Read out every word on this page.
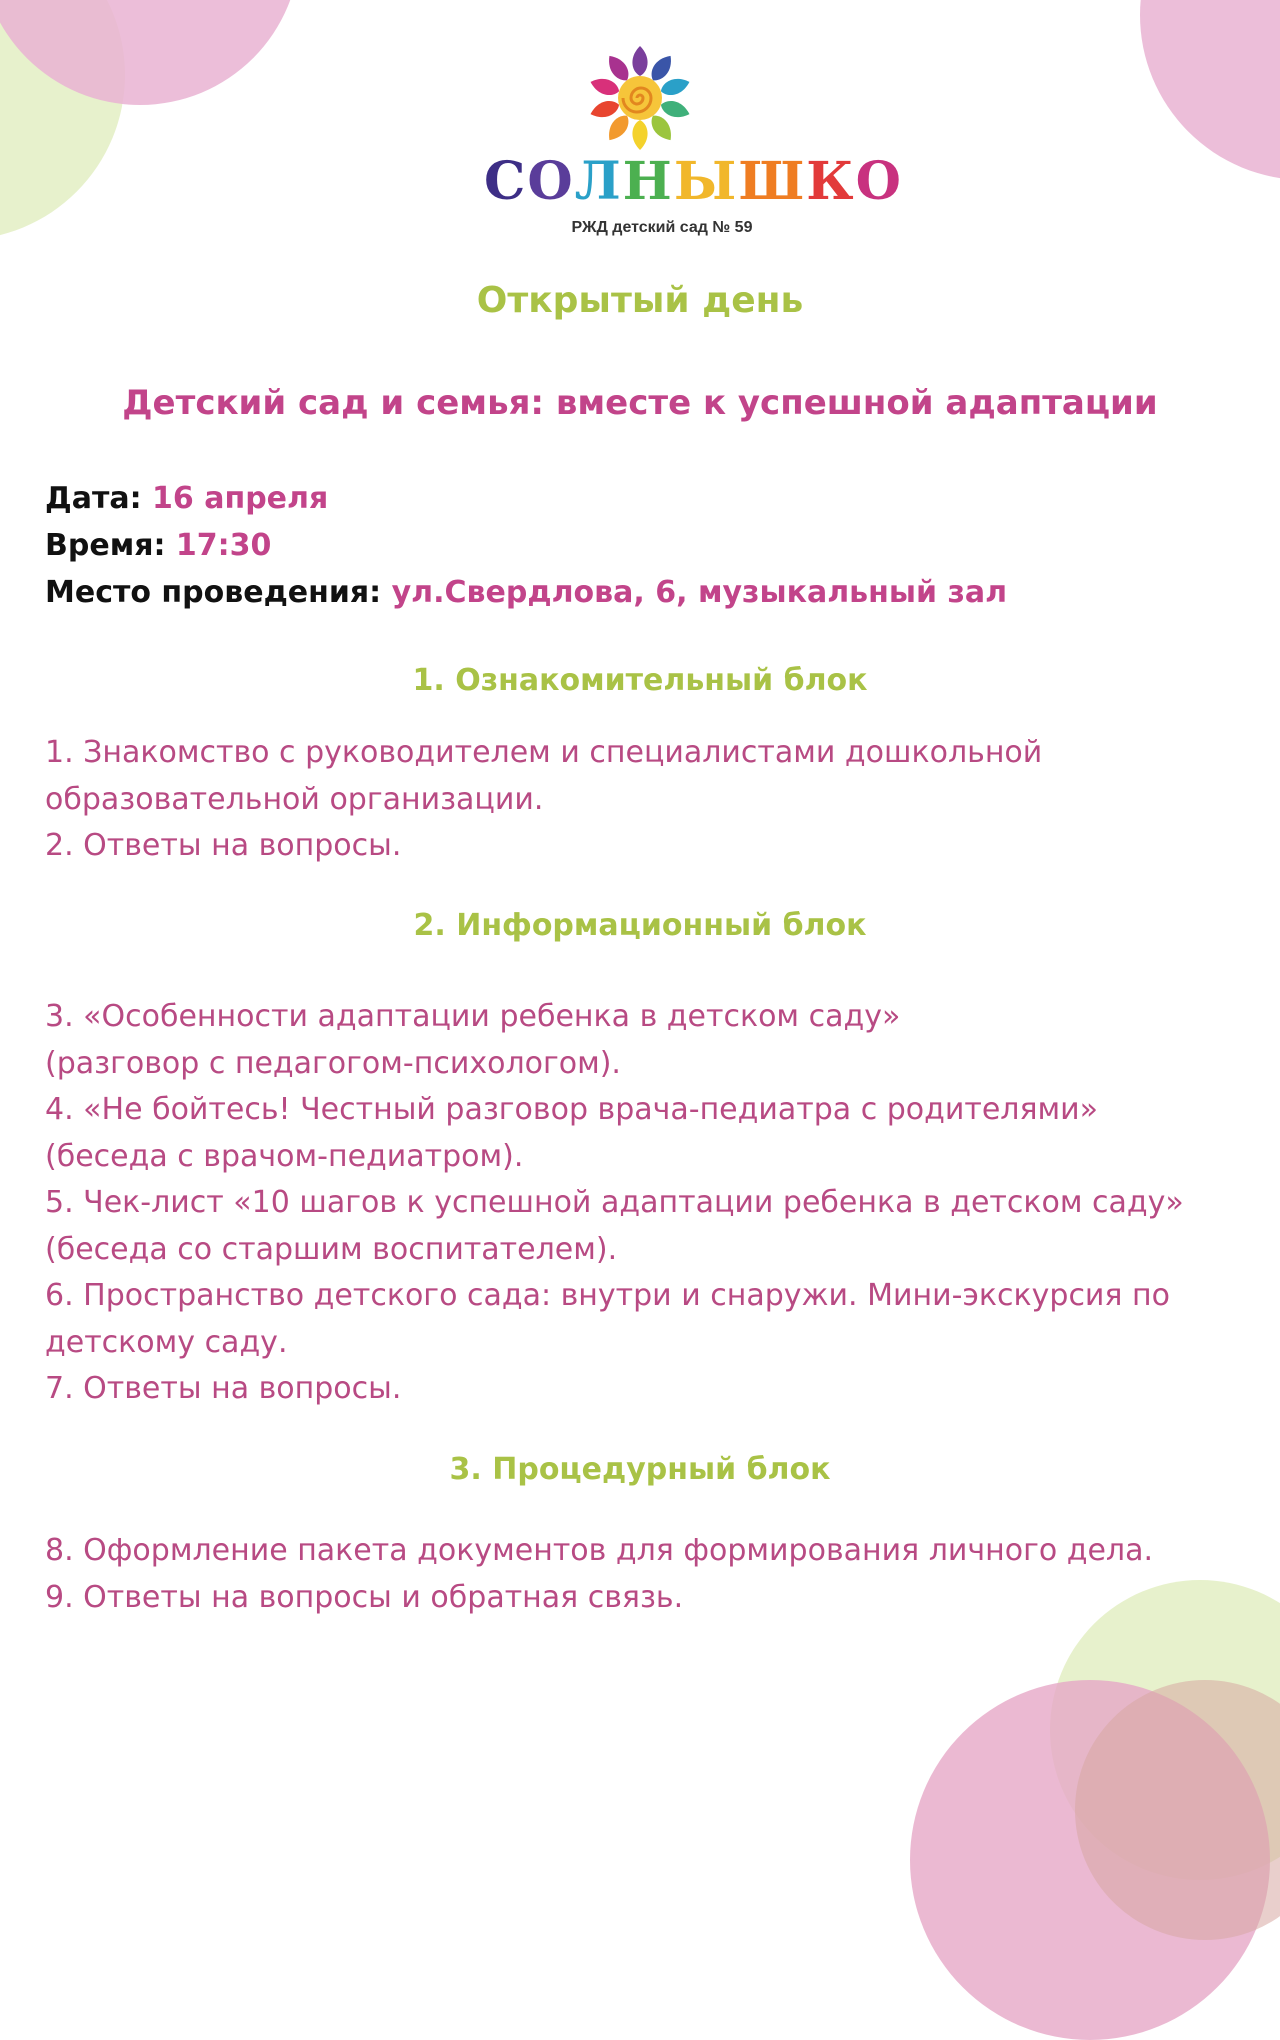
СОЛНЫШКО
РЖД детский сад № 59
Открытый день
Детский сад и семья: вместе к успешной адаптации
Дата: 16 апреля
Время: 17:30
Место проведения: ул.Свердлова, 6, музыкальный зал
1. Ознакомительный блок
1. Знакомство с руководителем и специалистами дошкольной
образовательной организации.
2. Ответы на вопросы.
2. Информационный блок
3. «Особенности адаптации ребенка в детском саду»
(разговор с педагогом-психологом).
4. «Не бойтесь! Честный разговор врача-педиатра с родителями»
(беседа с врачом-педиатром).
5. Чек-лист «10 шагов к успешной адаптации ребенка в детском саду»
(беседа со старшим воспитателем).
6. Пространство детского сада: внутри и снаружи. Мини-экскурсия по
детскому саду.
7. Ответы на вопросы.
3. Процедурный блок
8. Оформление пакета документов для формирования личного дела.
9. Ответы на вопросы и обратная связь.
